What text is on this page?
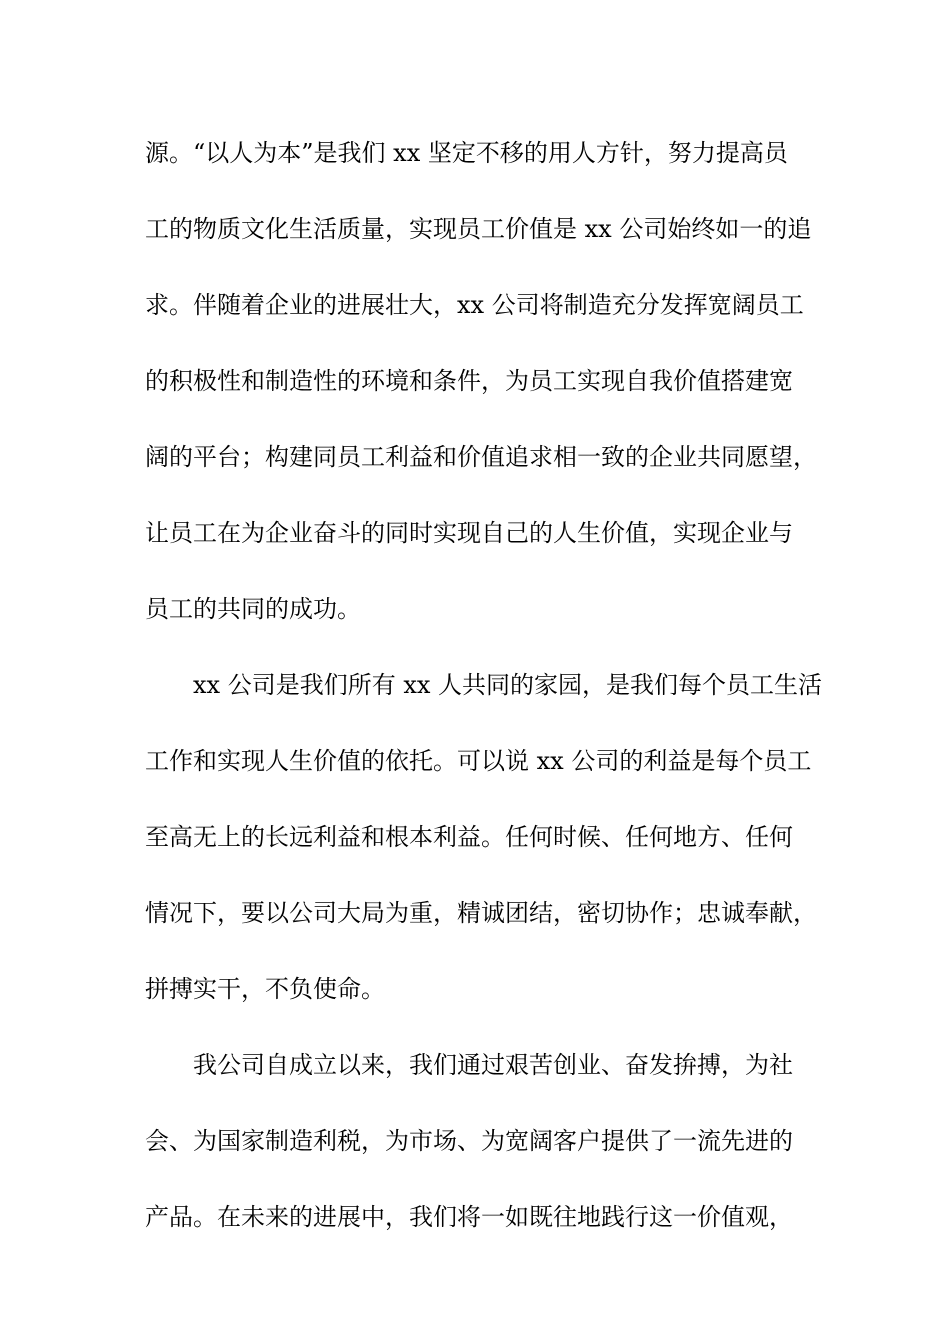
源。“以人为本”是我们 xx 坚定不移的用人方针，努力提高员
工的物质文化生活质量，实现员工价值是 xx 公司始终如一的追
求。伴随着企业的进展壮大，xx 公司将制造充分发挥宽阔员工
的积极性和制造性的环境和条件，为员工实现自我价值搭建宽
阔的平台；构建同员工利益和价值追求相一致的企业共同愿望，
让员工在为企业奋斗的同时实现自己的人生价值，实现企业与
员工的共同的成功。
xx 公司是我们所有 xx 人共同的家园，是我们每个员工生活
工作和实现人生价值的依托。可以说 xx 公司的利益是每个员工
至高无上的长远利益和根本利益。任何时候、任何地方、任何
情况下，要以公司大局为重，精诚团结，密切协作；忠诚奉献，
拼搏实干，不负使命。
我公司自成立以来，我们通过艰苦创业、奋发拚搏，为社
会、为国家制造利税，为市场、为宽阔客户提供了一流先进的
产品。在未来的进展中，我们将一如既往地践行这一价值观，
